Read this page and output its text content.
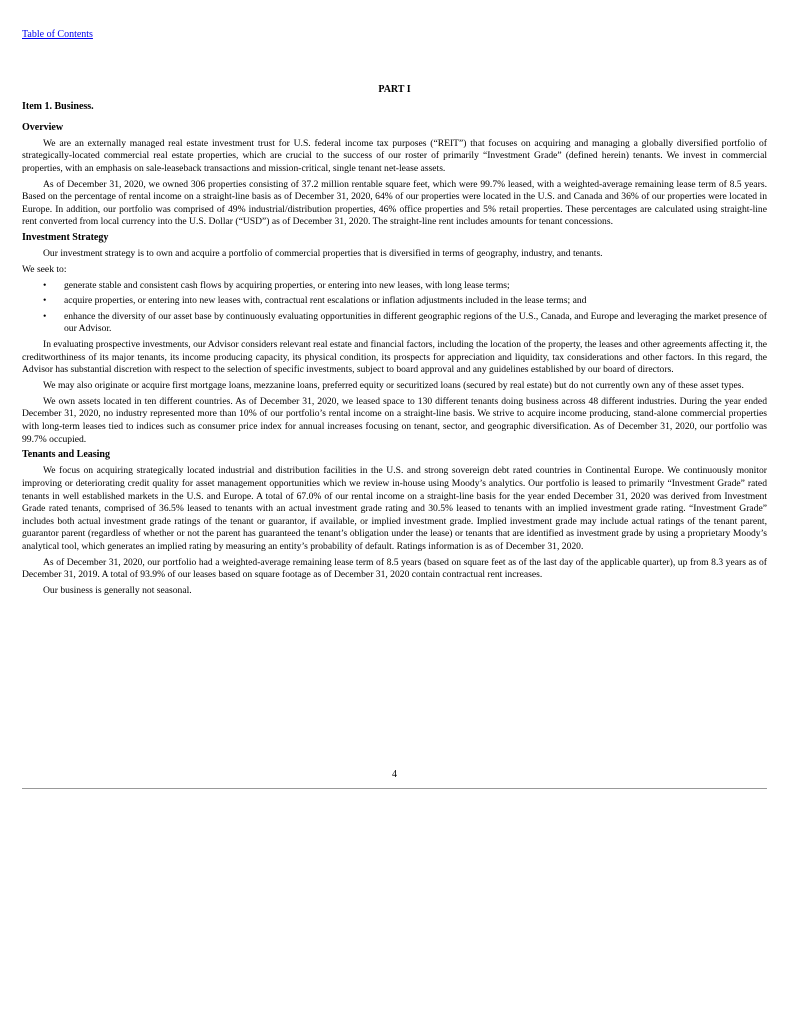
Table of Contents
PART I

Item 1. Business.

Overview

We are an externally managed real estate investment trust for U.S. federal income tax purposes (“REIT”) that focuses on acquiring and managing a globally diversified portfolio of strategically-located commercial real estate properties, which are crucial to the success of our roster of primarily “Investment Grade” (defined herein) tenants. We invest in commercial properties, with an emphasis on sale-leaseback transactions and mission-critical, single tenant net-lease assets.

As of December 31, 2020, we owned 306 properties consisting of 37.2 million rentable square feet, which were 99.7% leased, with a weighted-average remaining lease term of 8.5 years. Based on the percentage of rental income on a straight-line basis as of December 31, 2020, 64% of our properties were located in the U.S. and Canada and 36% of our properties were located in Europe. In addition, our portfolio was comprised of 49% industrial/distribution properties, 46% office properties and 5% retail properties. These percentages are calculated using straight-line rent converted from local currency into the U.S. Dollar (“USD”) as of December 31, 2020. The straight-line rent includes amounts for tenant concessions.

Investment Strategy

Our investment strategy is to own and acquire a portfolio of commercial properties that is diversified in terms of geography, industry, and tenants.

We seek to:

• generate stable and consistent cash flows by acquiring properties, or entering into new leases, with long lease terms;
• acquire properties, or entering into new leases with, contractual rent escalations or inflation adjustments included in the lease terms; and
• enhance the diversity of our asset base by continuously evaluating opportunities in different geographic regions of the U.S., Canada, and Europe and leveraging the market presence of our Advisor.

In evaluating prospective investments, our Advisor considers relevant real estate and financial factors, including the location of the property, the leases and other agreements affecting it, the creditworthiness of its major tenants, its income producing capacity, its physical condition, its prospects for appreciation and liquidity, tax considerations and other factors. In this regard, the Advisor has substantial discretion with respect to the selection of specific investments, subject to board approval and any guidelines established by our board of directors.

We may also originate or acquire first mortgage loans, mezzanine loans, preferred equity or securitized loans (secured by real estate) but do not currently own any of these asset types.

We own assets located in ten different countries. As of December 31, 2020, we leased space to 130 different tenants doing business across 48 different industries. During the year ended December 31, 2020, no industry represented more than 10% of our portfolio’s rental income on a straight-line basis. We strive to acquire income producing, stand-alone commercial properties with long-term leases tied to indices such as consumer price index for annual increases focusing on tenant, sector, and geographic diversification. As of December 31, 2020, our portfolio was 99.7% occupied.

Tenants and Leasing

We focus on acquiring strategically located industrial and distribution facilities in the U.S. and strong sovereign debt rated countries in Continental Europe. We continuously monitor improving or deteriorating credit quality for asset management opportunities which we review in-house using Moody’s analytics. Our portfolio is leased to primarily “Investment Grade” rated tenants in well established markets in the U.S. and Europe. A total of 67.0% of our rental income on a straight-line basis for the year ended December 31, 2020 was derived from Investment Grade rated tenants, comprised of 36.5% leased to tenants with an actual investment grade rating and 30.5% leased to tenants with an implied investment grade rating. “Investment Grade” includes both actual investment grade ratings of the tenant or guarantor, if available, or implied investment grade. Implied investment grade may include actual ratings of the tenant parent, guarantor parent (regardless of whether or not the parent has guaranteed the tenant’s obligation under the lease) or tenants that are identified as investment grade by using a proprietary Moody’s analytical tool, which generates an implied rating by measuring an entity’s probability of default. Ratings information is as of December 31, 2020.

As of December 31, 2020, our portfolio had a weighted-average remaining lease term of 8.5 years (based on square feet as of the last day of the applicable quarter), up from 8.3 years as of December 31, 2019. A total of 93.9% of our leases based on square footage as of December 31, 2020 contain contractual rent increases.

Our business is generally not seasonal.

4
